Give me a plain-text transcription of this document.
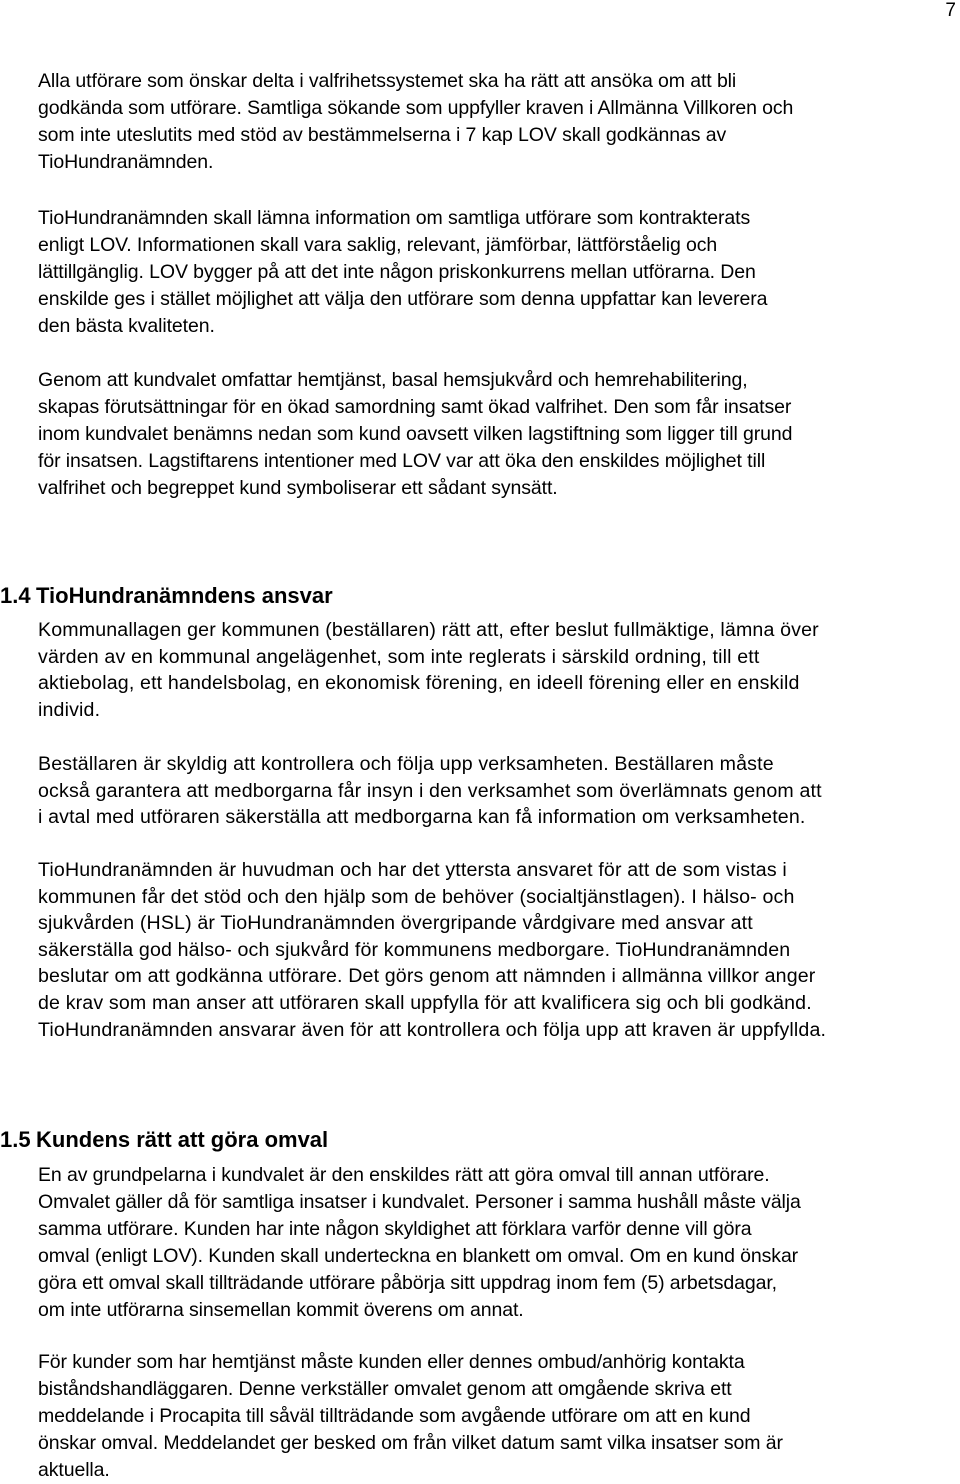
7

Alla utförare som önskar delta i valfrihetssystemet ska ha rätt att ansöka om att bli
godkända som utförare. Samtliga sökande som uppfyller kraven i Allmänna Villkoren och
som inte uteslutits med stöd av bestämmelserna i 7 kap LOV skall godkännas av
TioHundranämnden.

TioHundranämnden skall lämna information om samtliga utförare som kontrakterats
enligt LOV. Informationen skall vara saklig, relevant, jämförbar, lättförståelig och
lättillgänglig. LOV bygger på att det inte någon priskonkurrens mellan utförarna. Den
enskilde ges i stället möjlighet att välja den utförare som denna uppfattar kan leverera
den bästa kvaliteten.

Genom att kundvalet omfattar hemtjänst, basal hemsjukvård och hemrehabilitering,
skapas förutsättningar för en ökad samordning samt ökad valfrihet. Den som får insatser
inom kundvalet benämns nedan som kund oavsett vilken lagstiftning som ligger till grund
för insatsen. Lagstiftarens intentioner med LOV var att öka den enskildes möjlighet till
valfrihet och begreppet kund symboliserar ett sådant synsätt.

1.4 TioHundranämndens ansvar

Kommunallagen ger kommunen (beställaren) rätt att, efter beslut fullmäktige, lämna över
värden av en kommunal angelägenhet, som inte reglerats i särskild ordning, till ett
aktiebolag, ett handelsbolag, en ekonomisk förening, en ideell förening eller en enskild
individ.

Beställaren är skyldig att kontrollera och följa upp verksamheten. Beställaren måste
också garantera att medborgarna får insyn i den verksamhet som överlämnats genom att
i avtal med utföraren säkerställa att medborgarna kan få information om verksamheten.

TioHundranämnden är huvudman och har det yttersta ansvaret för att de som vistas i
kommunen får det stöd och den hjälp som de behöver (socialtjänstlagen). I hälso- och
sjukvården (HSL) är TioHundranämnden övergripande vårdgivare med ansvar att
säkerställa god hälso- och sjukvård för kommunens medborgare. TioHundranämnden
beslutar om att godkänna utförare. Det görs genom att nämnden i allmänna villkor anger
de krav som man anser att utföraren skall uppfylla för att kvalificera sig och bli godkänd.
TioHundranämnden ansvarar även för att kontrollera och följa upp att kraven är uppfyllda.

1.5 Kundens rätt att göra omval

En av grundpelarna i kundvalet är den enskildes rätt att göra omval till annan utförare.
Omvalet gäller då för samtliga insatser i kundvalet. Personer i samma hushåll måste välja
samma utförare. Kunden har inte någon skyldighet att förklara varför denne vill göra
omval (enligt LOV). Kunden skall underteckna en blankett om omval. Om en kund önskar
göra ett omval skall tillträdande utförare påbörja sitt uppdrag inom fem (5) arbetsdagar,
om inte utförarna sinsemellan kommit överens om annat.

För kunder som har hemtjänst måste kunden eller dennes ombud/anhörig kontakta
biståndshandläggaren. Denne verkställer omvalet genom att omgående skriva ett
meddelande i Procapita till såväl tillträdande som avgående utförare om att en kund
önskar omval. Meddelandet ger besked om från vilket datum samt vilka insatser som är
aktuella.
